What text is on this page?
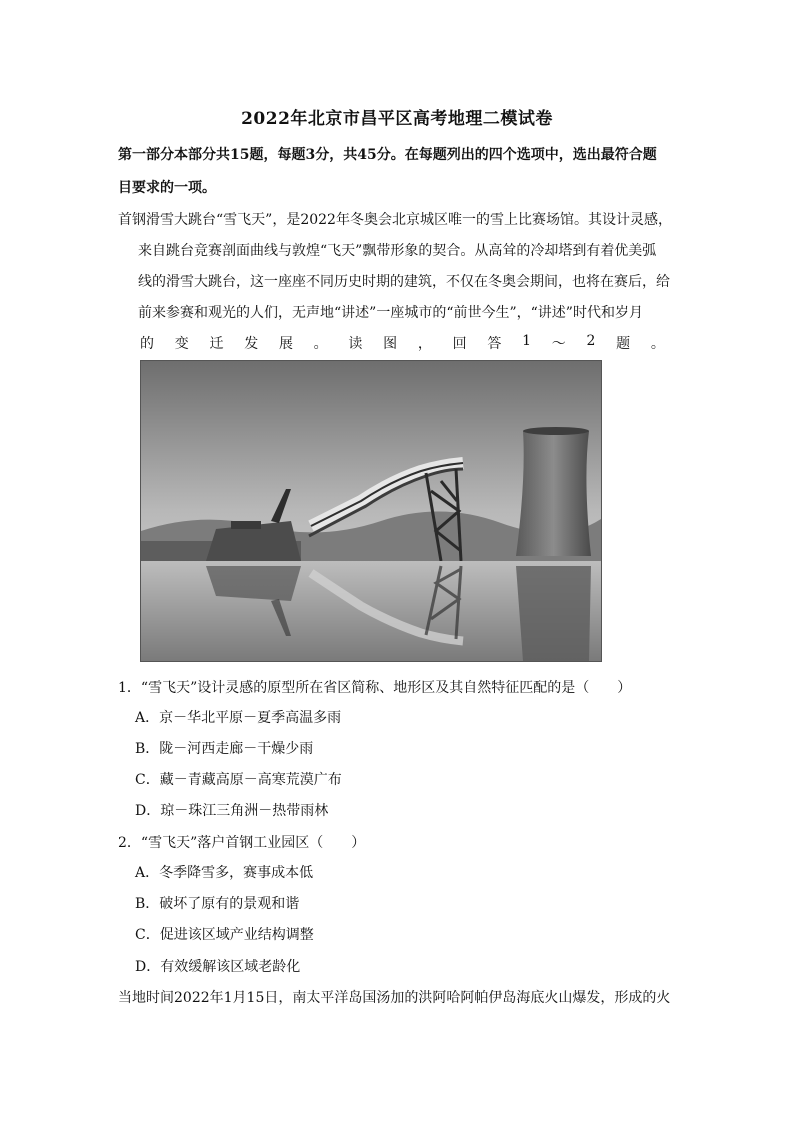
2022年北京市昌平区高考地理二模试卷
第一部分本部分共15题，每题3分，共45分。在每题列出的四个选项中，选出最符合题
目要求的一项。
首钢滑雪大跳台“雪飞天”，是2022年冬奥会北京城区唯一的雪上比赛场馆。其设计灵感，
来自跳台竞赛剖面曲线与敦煌“飞天”飘带形象的契合。从高耸的冷却塔到有着优美弧
线的滑雪大跳台，这一座座不同历史时期的建筑，不仅在冬奥会期间，也将在赛后，给
前来参赛和观光的人们，无声地“讲述”一座城市的“前世今生”，“讲述”时代和岁月
的 变 迁 发 展 。 读 图 ， 回 答 1 ～ 2 题 。
1．“雪飞天”设计灵感的原型所在省区简称、地形区及其自然特征匹配的是（　　）
A．京－华北平原－夏季高温多雨
B．陇－河西走廊－干燥少雨
C．藏－青藏高原－高寒荒漠广布
D．琼－珠江三角洲－热带雨林
2．“雪飞天”落户首钢工业园区（　　）
A．冬季降雪多，赛事成本低
B．破坏了原有的景观和谐
C．促进该区域产业结构调整
D．有效缓解该区域老龄化
当地时间2022年1月15日，南太平洋岛国汤加的洪阿哈阿帕伊岛海底火山爆发，形成的火
